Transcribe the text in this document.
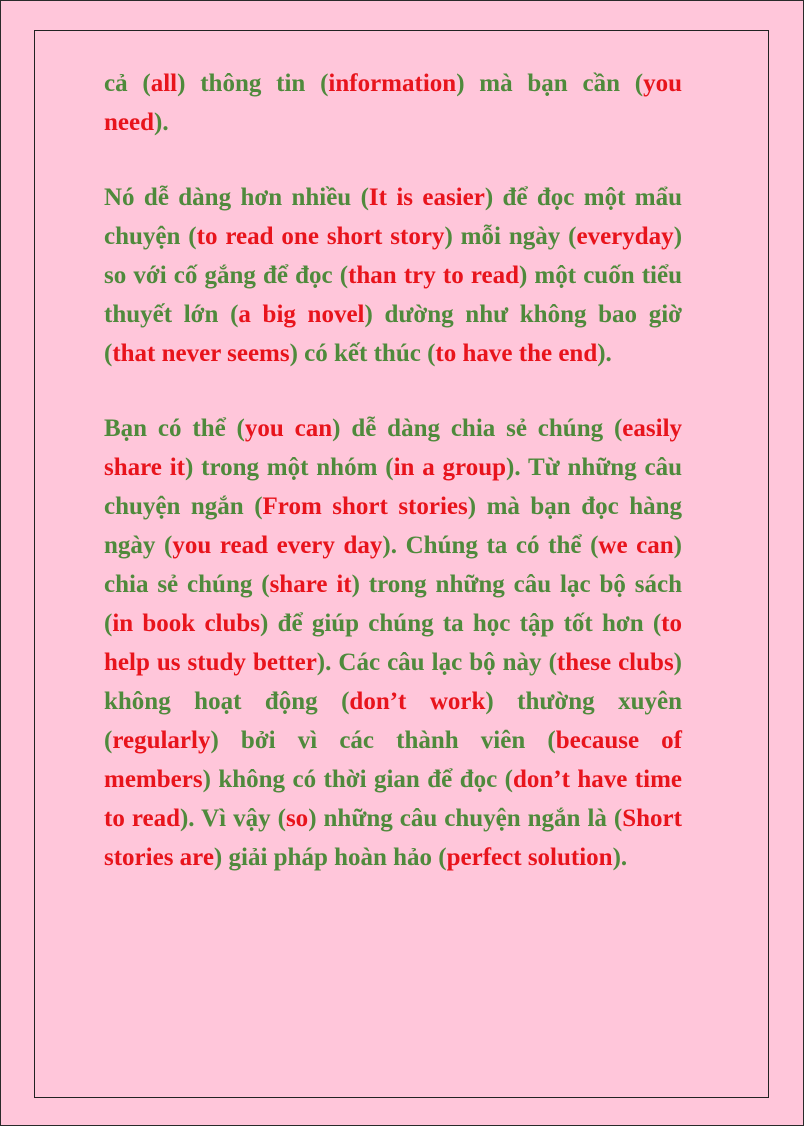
cả (all) thông tin (information) mà bạn cần (you need).

Nó dễ dàng hơn nhiều (It is easier) để đọc một mẩu chuyện (to read one short story) mỗi ngày (everyday) so với cố gắng để đọc (than try to read) một cuốn tiểu thuyết lớn (a big novel) dường như không bao giờ (that never seems) có kết thúc (to have the end).

Bạn có thể (you can) dễ dàng chia sẻ chúng (easily share it) trong một nhóm (in a group). Từ những câu chuyện ngắn (From short stories) mà bạn đọc hàng ngày (you read every day). Chúng ta có thể (we can) chia sẻ chúng (share it) trong những câu lạc bộ sách (in book clubs) để giúp chúng ta học tập tốt hơn (to help us study better). Các câu lạc bộ này (these clubs) không hoạt động (don’t work) thường xuyên (regularly) bởi vì các thành viên (because of members) không có thời gian để đọc (don’t have time to read). Vì vậy (so) những câu chuyện ngắn là (Short stories are) giải pháp hoàn hảo (perfect solution).
